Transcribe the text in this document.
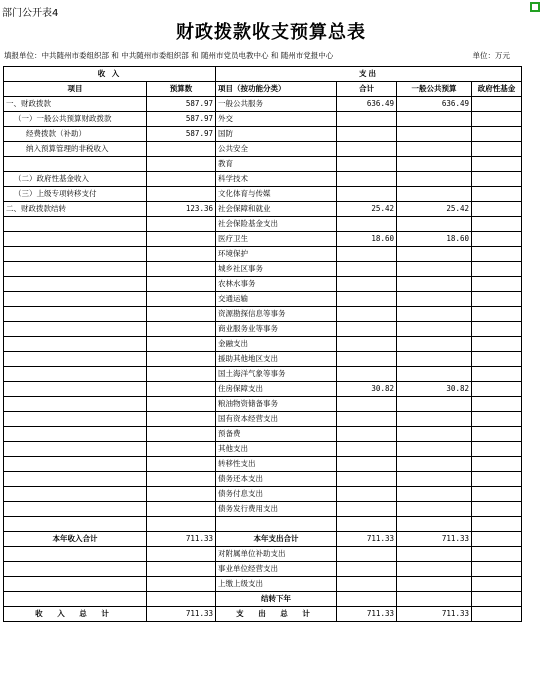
部门公开表4
财政拨款收支预算总表
填报单位：中共随州市委组织部 和 中共随州市委组织部 和 随州市党员电教中心 和 随州市党报中心	单位：万元
收 入		支出			
项目	预算数	项目（按功能分类）	合计	一般公共预算	政府性基金
一、财政拨款	587.97	一般公共服务	636.49	636.49	
（一）一般公共预算财政拨款	587.97	外交			
经费拨款（补助）	587.97	国防			
纳入预算管理的非税收入		公共安全			
		教育			
（二）政府性基金收入		科学技术			
（三）上级专项转移支付		文化体育与传媒			
二、财政拨款结转	123.36	社会保障和就业	25.42	25.42	
		社会保险基金支出			
		医疗卫生	18.60	18.60	
		环境保护			
		城乡社区事务			
		农林水事务			
		交通运输			
		资源勘探信息等事务			
		商业服务业等事务			
		金融支出			
		援助其他地区支出			
		国土海洋气象等事务			
		住房保障支出	30.82	30.82	
		粮油物资储备事务			
		国有资本经营支出			
		预备费			
		其他支出			
		转移性支出			
		债务还本支出			
		债务付息支出			
		债务发行费用支出			

本年收入合计	711.33	本年支出合计	711.33	711.33	
		对附属单位补助支出			
		事业单位经营支出			
		上缴上级支出			
		结转下年			
收 入 总 计	711.33	支 出 总 计	711.33	711.33	
